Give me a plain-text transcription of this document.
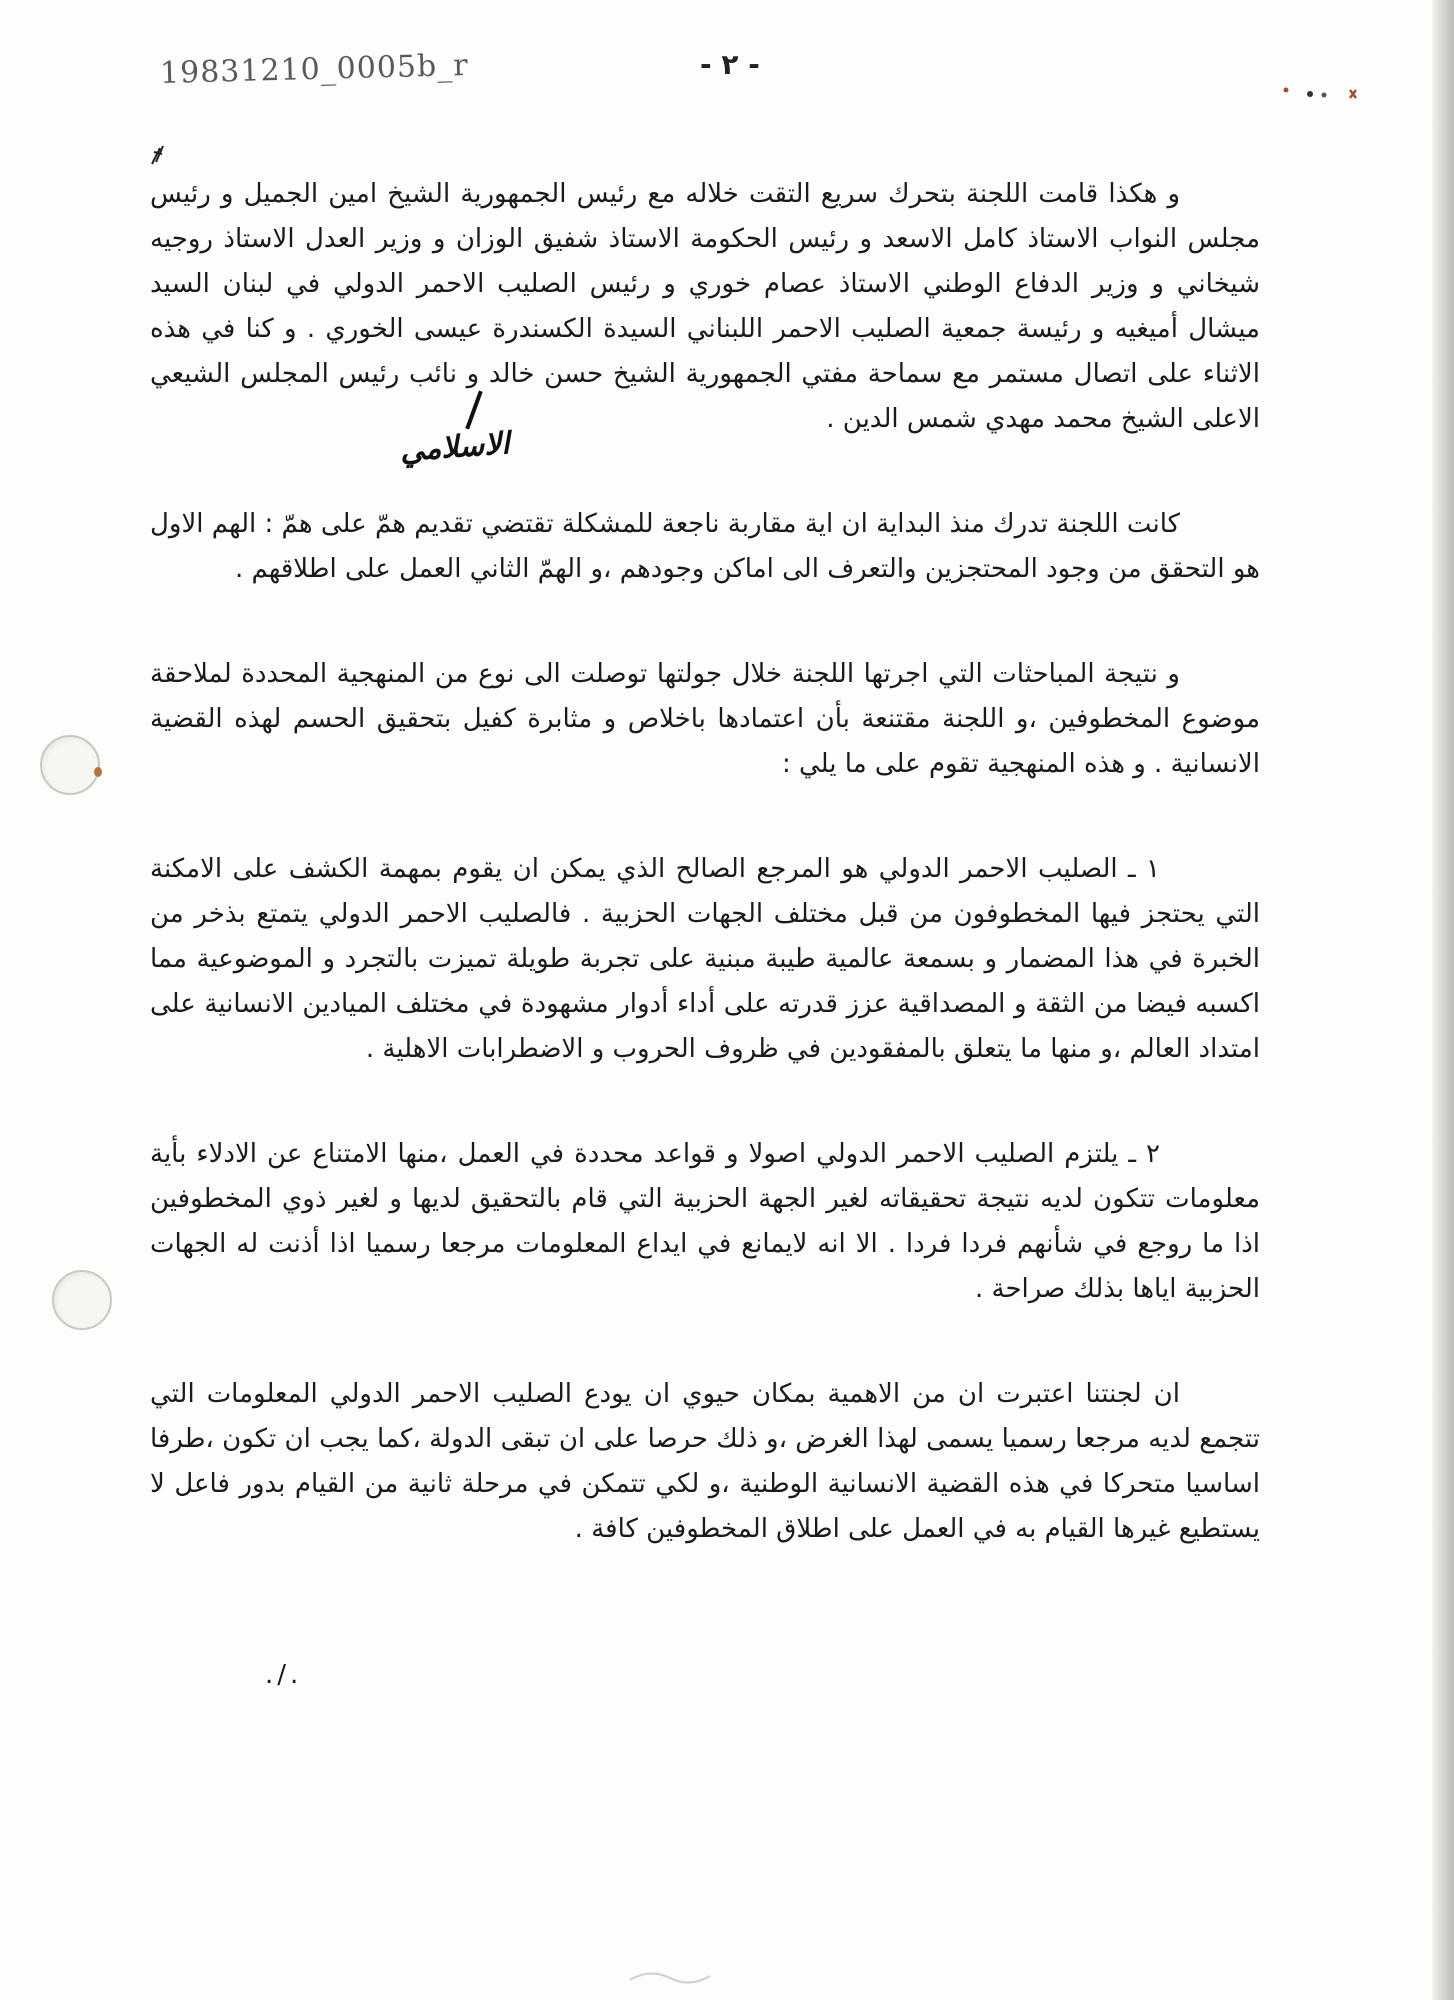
19831210_0005b_r	- ٢ -

و هكذا قامت اللجنة بتحرك سريع التقت خلاله مع رئيس الجمهورية الشيخ امين الجميل و رئيس مجلس النواب الاستاذ كامل الاسعد و رئيس الحكومة الاستاذ شفيق الوزان و وزير العدل الاستاذ روجيه شيخاني و وزير الدفاع الوطني الاستاذ عصام خوري و رئيس الصليب الاحمر الدولي في لبنان السيد ميشال أميغيه و رئيسة جمعية الصليب الاحمر اللبناني السيدة الكسندرة عيسى الخوري . و كنا في هذه الاثناء على اتصال مستمر مع سماحة مفتي الجمهورية الشيخ حسن خالد و نائب رئيس المجلس الشيعي الاعلى الشيخ محمد مهدي شمس الدين .

كانت اللجنة تدرك منذ البداية ان اية مقاربة ناجعة للمشكلة تقتضي تقديم همّ على همّ : الهم الاول هو التحقق من وجود المحتجزين والتعرف الى اماكن وجودهم ،و الهمّ الثاني العمل على اطلاقهم .

و نتيجة المباحثات التي اجرتها اللجنة خلال جولتها توصلت الى نوع من المنهجية المحددة لملاحقة موضوع المخطوفين ،و اللجنة مقتنعة بأن اعتمادها باخلاص و مثابرة كفيل بتحقيق الحسم لهذه القضية الانسانية . و هذه المنهجية تقوم على ما يلي :

١ ـ الصليب الاحمر الدولي هو المرجع الصالح الذي يمكن ان يقوم بمهمة الكشف على الامكنة التي يحتجز فيها المخطوفون من قبل مختلف الجهات الحزبية . فالصليب الاحمر الدولي يتمتع بذخر من الخبرة في هذا المضمار و بسمعة عالمية طيبة مبنية على تجربة طويلة تميزت بالتجرد و الموضوعية مما اكسبه فيضا من الثقة و المصداقية عزز قدرته على أداء أدوار مشهودة في مختلف الميادين الانسانية على امتداد العالم ،و منها ما يتعلق بالمفقودين في ظروف الحروب و الاضطرابات الاهلية .

٢ ـ يلتزم الصليب الاحمر الدولي اصولا و قواعد محددة في العمل ،منها الامتناع عن الادلاء بأية معلومات تتكون لديه نتيجة تحقيقاته لغير الجهة الحزبية التي قام بالتحقيق لديها و لغير ذوي المخطوفين اذا ما روجع في شأنهم فردا فردا . الا انه لايمانع في ايداع المعلومات مرجعا رسميا اذا أذنت له الجهات الحزبية اياها بذلك صراحة .

ان لجنتنا اعتبرت ان من الاهمية بمكان حيوي ان يودع الصليب الاحمر الدولي المعلومات التي تتجمع لديه مرجعا رسميا يسمى لهذا الغرض ،و ذلك حرصا على ان تبقى الدولة ،كما يجب ان تكون ،طرفا اساسيا متحركا في هذه القضية الانسانية الوطنية ،و لكي تتمكن في مرحلة ثانية من القيام بدور فاعل لا يستطيع غيرها القيام به في العمل على اطلاق المخطوفين كافة .

الاسلامي
./.
